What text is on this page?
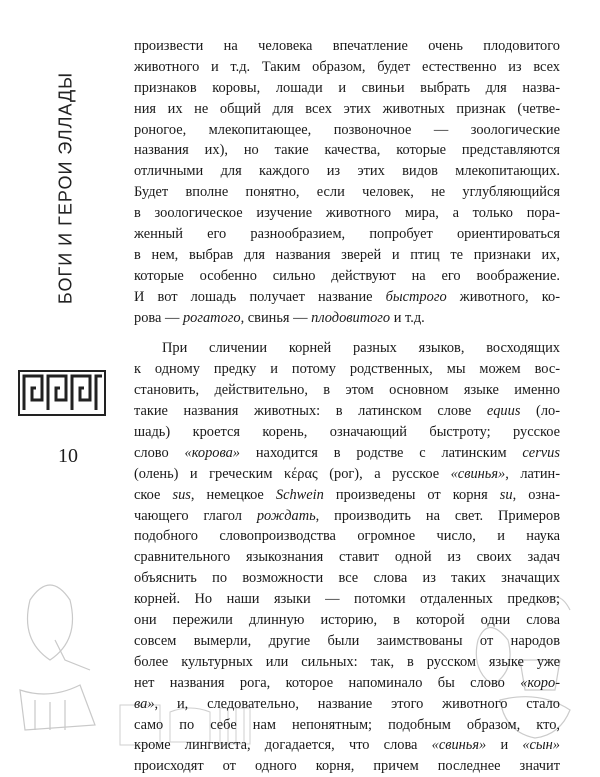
БОГИ И ГЕРОИ ЭЛЛАДЫ
10
произвести на человека впечатление очень плодовитого
животного и т.д. Таким образом, будет естественно из всех
признаков коровы, лошади и свиньи выбрать для назва-
ния их не общий для всех этих животных признак (четве-
роногое, млекопитающее, позвоночное — зоологические
названия их), но такие качества, которые представляются
отличными для каждого из этих видов млекопитающих.
Будет вполне понятно, если человек, не углубляющийся
в зоологическое изучение животного мира, а только пора-
женный его разнообразием, попробует ориентироваться
в нем, выбрав для названия зверей и птиц те признаки их,
которые особенно сильно действуют на его воображение.
И вот лошадь получает название быстрого животного, ко-
рова — рогатого, свинья — плодовитого и т.д.
При сличении корней разных языков, восходящих
к одному предку и потому родственных, мы можем вос-
становить, действительно, в этом основном языке именно
такие названия животных: в латинском слове equus (ло-
шадь) кроется корень, означающий быстроту; русское
слово «корова» находится в родстве с латинским cervus
(олень) и греческим κέρας (рог), а русское «свинья», латин-
ское sus, немецкое Schwein произведены от корня su, озна-
чающего глагол рождать, производить на свет. Примеров
подобного словопроизводства огромное число, и наука
сравнительного языкознания ставит одной из своих задач
объяснить по возможности все слова из таких значащих
корней. Но наши языки — потомки отдаленных предков;
они пережили длинную историю, в которой одни слова
совсем вымерли, другие были заимствованы от народов
более культурных или сильных: так, в русском языке уже
нет названия рога, которое напоминало бы слово «коро-
ва», и, следовательно, название этого животного стало
само по себе нам непонятным; подобным образом, кто,
кроме лингвиста, догадается, что слова «свинья» и «сын»
происходят от одного корня, причем последнее значит
